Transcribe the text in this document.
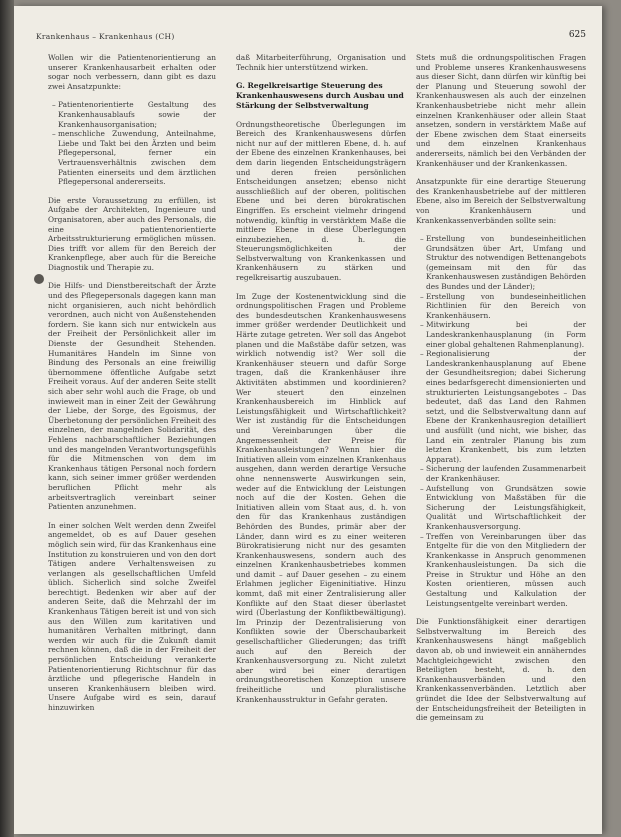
Krankenhaus – Krankenhaus (CH)	625

Wollen wir die Patientenorientierung an unserer Krankenhausarbeit erhalten oder sogar noch verbessern, dann gibt es dazu zwei Ansatzpunkte:

– Patientenorientierte Gestaltung des Krankenhausablaufs sowie der Krankenhausorganisation;
– menschliche Zuwendung, Anteilnahme, Liebe und Takt bei den Ärzten und beim Pflegepersonal, ferner ein Vertrauensverhältnis zwischen dem Patienten einerseits und dem ärztlichen Pflegepersonal andererseits.

Die erste Voraussetzung zu erfüllen, ist Aufgabe der Architekten, Ingenieure und Organisatoren, aber auch des Personals, die eine patientenorientierte Arbeitsstrukturierung ermöglichen müssen. Dies trifft vor allem für den Bereich der Krankenpflege, aber auch für die Bereiche Diagnostik und Therapie zu.

Die Hilfs- und Dienstbereitschaft der Ärzte und des Pflegepersonals dagegen kann man nicht organisieren, auch nicht behördlich verordnen, auch nicht von Außenstehenden fordern. Sie kann sich nur entwickeln aus der Freiheit der Persönlichkeit aller im Dienste der Gesundheit Stehenden. Humanitäres Handeln im Sinne von Bindung des Personals an eine freiwillig übernommene öffentliche Aufgabe setzt Freiheit voraus. Auf der anderen Seite stellt sich aber sehr wohl auch die Frage, ob und inwieweit man in einer Zeit der Gewährung der Liebe, der Sorge, des Egoismus, der Überbetonung der persönlichen Freiheit des einzelnen, der mangelnden Solidarität, des Fehlens nachbarschaftlicher Beziehungen und des mangelnden Verantwortungsgefühls für die Mitmenschen von dem im Krankenhaus tätigen Personal noch fordern kann, sich seiner immer größer werdenden beruflichen Pflicht mehr als arbeitsvertraglich vereinbart seiner Patienten anzunehmen.

In einer solchen Welt werden denn Zweifel angemeldet, ob es auf Dauer gesehen möglich sein wird, für das Krankenhaus eine Institution zu konstruieren und von den dort Tätigen andere Verhaltensweisen zu verlangen als gesellschaftlichen Umfeld üblich. Sicherlich sind solche Zweifel berechtigt. Bedenken wir aber auf der anderen Seite, daß die Mehrzahl der im Krankenhaus Tätigen bereit ist und von sich aus den Willen zum karitativen und humanitären Verhalten mitbringt, dann werden wir auch für die Zukunft damit rechnen können, daß die in der Freiheit der persönlichen Entscheidung verankerte Patientenorientierung Richtschnur für das ärztliche und pflegerische Handeln in unseren Krankenhäusern bleiben wird. Unsere Aufgabe wird es sein, darauf hinzuwirken

daß Mitarbeiterführung, Organisation und Technik hier unterstützend wirken.

G. Regelkreisartige Steuerung des Krankenhauswesens durch Ausbau und Stärkung der Selbstverwaltung

Ordnungstheoretische Überlegungen im Bereich des Krankenhauswesens dürfen nicht nur auf der mittleren Ebene, d. h. auf der Ebene des einzelnen Krankenhauses, bei dem darin liegenden Entscheidungsträgern und deren freien persönlichen Entscheidungen ansetzen; ebenso nicht ausschließlich auf der oberen, politischen Ebene und bei deren bürokratischen Eingriffen. Es erscheint vielmehr dringend notwendig, künftig in verstärktem Maße die mittlere Ebene in diese Überlegungen einzubeziehen, d. h. die Steuerungsmöglichkeiten der Selbstverwaltung von Krankenkassen und Krankenhäusern zu stärken und regelkreisartig auszubauen.

Im Zuge der Kostenentwicklung sind die ordnungspolitischen Fragen und Probleme des bundesdeutschen Krankenhauswesens immer größer werdender Deutlichkeit und Härte zutage getreten. Wer soll das Angebot planen und die Maßstäbe dafür setzen, was wirklich notwendig ist? Wer soll die Krankenhäuser steuern und dafür Sorge tragen, daß die Krankenhäuser ihre Aktivitäten abstimmen und koordinieren? Wer steuert den einzelnen Krankenhausbereich im Hinblick auf Leistungsfähigkeit und Wirtschaftlichkeit? Wer ist zuständig für die Entscheidungen und Vereinbarungen über die Angemessenheit der Preise für Krankenhausleistungen? Wenn hier die Initiativen allein vom einzelnen Krankenhaus ausgehen, dann werden derartige Versuche ohne nennenswerte Auswirkungen sein, weder auf die Entwicklung der Leistungen noch auf die der Kosten. Gehen die Initiativen allein vom Staat aus, d. h. von den für das Krankenhaus zuständigen Behörden des Bundes, primär aber der Länder, dann wird es zu einer weiteren Bürokratisierung nicht nur des gesamten Krankenhauswesens, sondern auch des einzelnen Krankenhausbetriebes kommen und damit – auf Dauer gesehen – zu einem Erlahmen jeglicher Eigeninitiative. Hinzu kommt, daß mit einer Zentralisierung aller Konflikte auf den Staat dieser überlastet wird (Überlastung der Konfliktbewältigung). Im Prinzip der Dezentralisierung von Konflikten sowie der Überschaubarkeit gesellschaftlicher Gliederungen; das trifft auch auf den Bereich der Krankenhausversorgung zu. Nicht zuletzt aber wird bei einer derartigen ordnungstheoretischen Konzeption unsere freiheitliche und pluralistische Krankenhausstruktur in Gefahr geraten.

Stets muß die ordnungspolitischen Fragen und Probleme unseres Krankenhauswesens aus dieser Sicht, dann dürfen wir künftig bei der Planung und Steuerung sowohl der Krankenhauswesen als auch der einzelnen Krankenhausbetriebe nicht mehr allein einzelnen Krankenhäuser oder allein Staat ansetzen, sondern in verstärktem Maße auf der Ebene zwischen dem Staat einerseits und dem einzelnen Krankenhaus andererseits, nämlich bei den Verbänden der Krankenhäuser und der Krankenkassen.

Ansatzpunkte für eine derartige Steuerung des Krankenhausbetriebe auf der mittleren Ebene, also im Bereich der Selbstverwaltung von Krankenhäusern und Krankenkassenverbänden sollte sein:

– Erstellung von bundeseinheitlichen Grundsätzen über Art, Umfang und Struktur des notwendigen Bettenangebots (gemeinsam mit den für das Krankenhauswesen zuständigen Behörden des Bundes und der Länder);
– Erstellung von bundeseinheitlichen Richtlinien für den Bereich von Krankenhäusern.
– Mitwirkung bei der Landeskrankenhausplanung (in Form einer global gehaltenen Rahmenplanung).
– Regionalisierung der Landeskrankenhausplanung auf Ebene der Gesundheitsregion; dabei Sicherung eines bedarfsgerecht dimensionierten und strukturierten Leistungsangebotes – Das bedeutet, daß das Land den Rahmen setzt, und die Selbstverwaltung dann auf Ebene der Krankenhausregion detailliert und ausfüllt (und nicht, wie bisher, das Land ein zentraler Planung bis zum letzten Krankenbett, bis zum letzten Apparat).
– Sicherung der laufenden Zusammenarbeit der Krankenhäuser.
– Aufstellung von Grundsätzen sowie Entwicklung von Maßstäben für die Sicherung der Leistungsfähigkeit, Qualität und Wirtschaftlichkeit der Krankenhausversorgung.
– Treffen von Vereinbarungen über das Entgelte für die von den Mitgliedern der Krankenkasse in Anspruch genommenen Krankenhausleistungen. Da sich die Preise in Struktur und Höhe an den Kosten orientieren, müssen auch Gestaltung und Kalkulation der Leistungsentgelte vereinbart werden.

Die Funktionsfähigkeit einer derartigen Selbstverwaltung im Bereich des Krankenhauswesens hängt maßgeblich davon ab, ob und inwieweit ein annäherndes Machtgleichgewicht zwischen den Beteiligten besteht, d. h. den Krankenhausverbänden und den Krankenkassenverbänden. Letztlich aber gründet die Idee der Selbstverwaltung auf der Entscheidungsfreiheit der Beteiligten in die gemeinsam zu
